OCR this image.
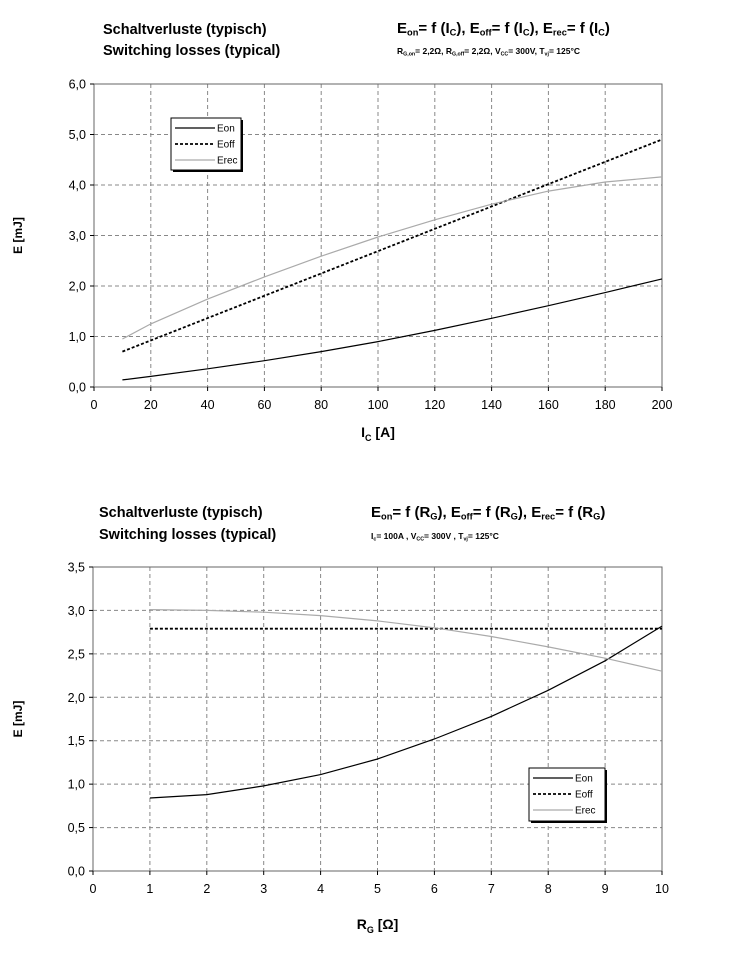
Schaltverluste (typisch)
Switching losses (typical)
$E_{on}= f$ $(I_C)$, $E_{off}= f$ $(I_C)$, $E_{rec}= f$ $(I_C)$
$R_{G,on}= 2,2\Omega$, $R_{G,off}= 2,2\Omega$, $V_{CC}= 300V$, $T_{vj}= 125^\circ C$
Schaltverluste (typisch)
Switching losses (typical)
$E_{on}= f$ $(R_G)$, $E_{off}= f$ $(R_G)$, $E_{rec}= f$ $(R_G)$
$I_c= 100A$ , $V_{CC}= 300V$ , $T_{vj}= 125^\circ C$
0	20	40	60	80	100	120	140	160	180	200
0,0
1,0
2,0
3,0
4,0
5,0
6,0
E [mJ]
$I_C$ [A]
Eon
Eoff
Erec
0	1	2	3	4	5	6	7	8	9	10
0,0
0,5
1,0
1,5
2,0
2,5
3,0
3,5
E [mJ]
$R_G$ [Ω]
Eon
Eoff
Erec
